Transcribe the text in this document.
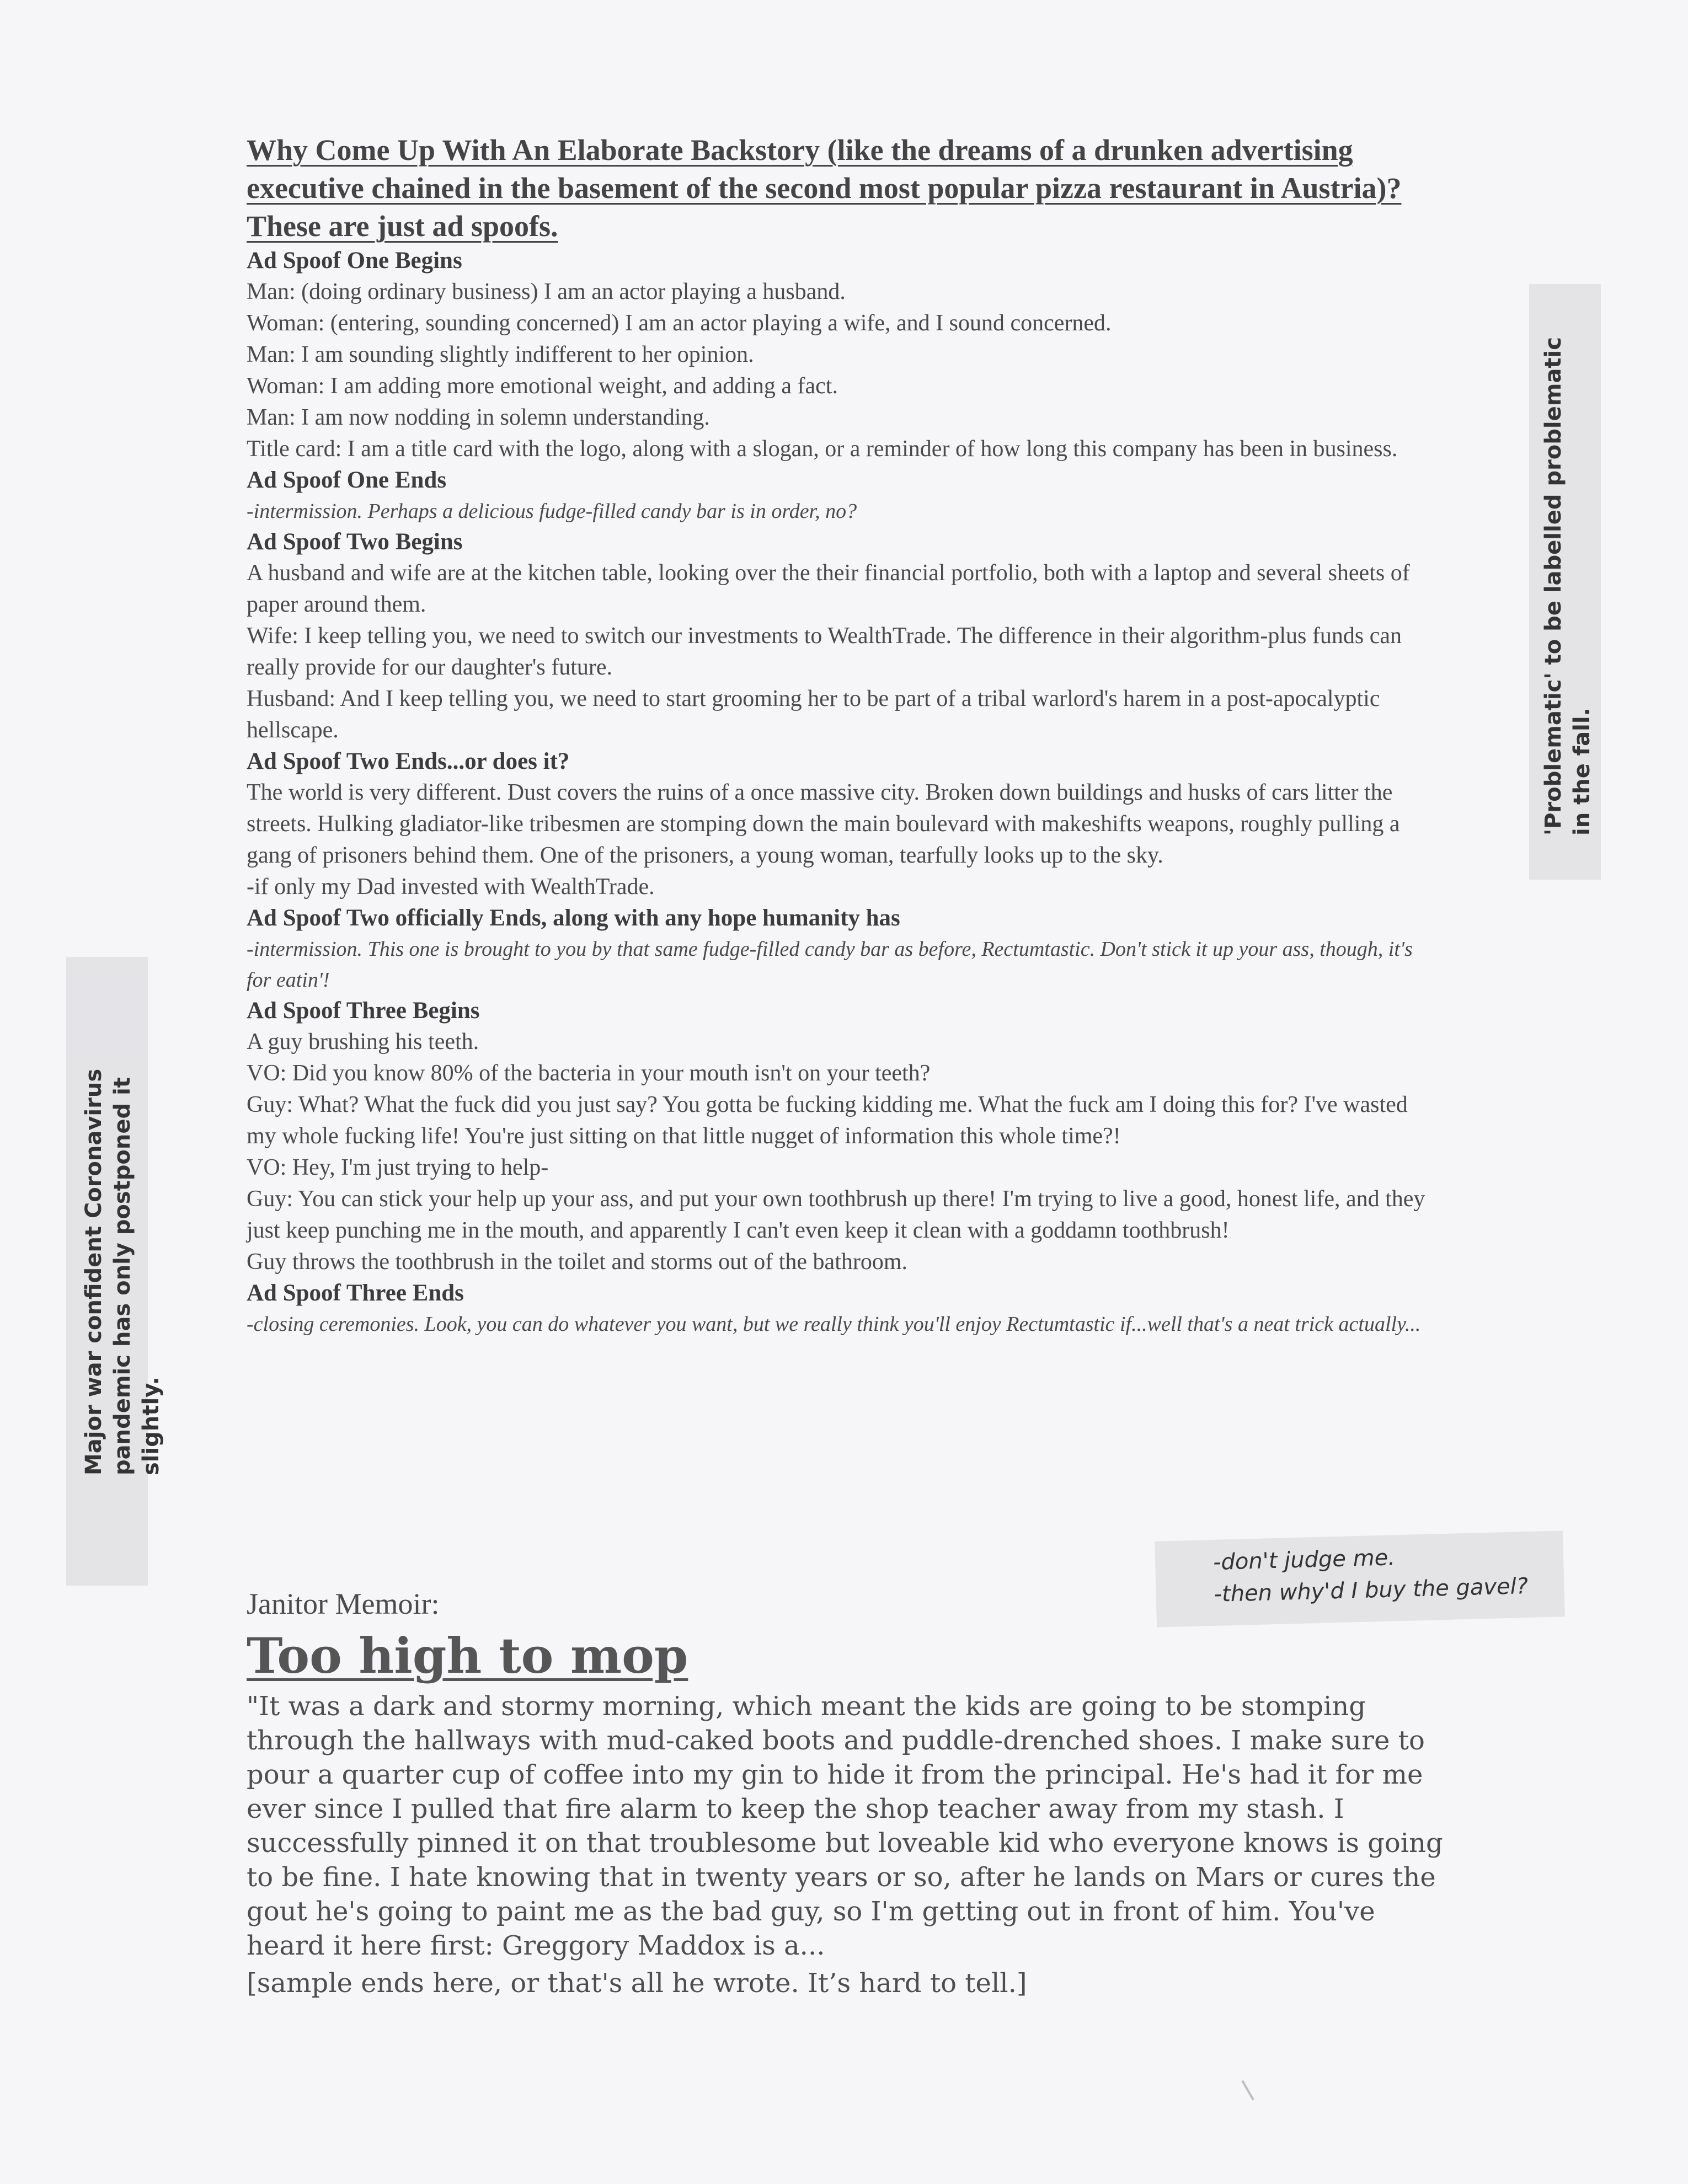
Why Come Up With An Elaborate Backstory (like the dreams of a drunken advertising executive chained in the basement of the second most popular pizza restaurant in Austria)? These are just ad spoofs.
Ad Spoof One Begins
Man: (doing ordinary business) I am an actor playing a husband.
Woman: (entering, sounding concerned) I am an actor playing a wife, and I sound concerned.
Man: I am sounding slightly indifferent to her opinion.
Woman: I am adding more emotional weight, and adding a fact.
Man: I am now nodding in solemn understanding.
Title card: I am a title card with the logo, along with a slogan, or a reminder of how long this company has been in business.
Ad Spoof One Ends
-intermission. Perhaps a delicious fudge-filled candy bar is in order, no?
Ad Spoof Two Begins
A husband and wife are at the kitchen table, looking over the their financial portfolio, both with a laptop and several sheets of paper around them.
Wife: I keep telling you, we need to switch our investments to WealthTrade. The difference in their algorithm-plus funds can really provide for our daughter's future.
Husband: And I keep telling you, we need to start grooming her to be part of a tribal warlord's harem in a post-apocalyptic hellscape.
Ad Spoof Two Ends...or does it?
The world is very different. Dust covers the ruins of a once massive city. Broken down buildings and husks of cars litter the streets. Hulking gladiator-like tribesmen are stomping down the main boulevard with makeshifts weapons, roughly pulling a gang of prisoners behind them. One of the prisoners, a young woman, tearfully looks up to the sky.
-if only my Dad invested with WealthTrade.
Ad Spoof Two officially Ends, along with any hope humanity has
-intermission. This one is brought to you by that same fudge-filled candy bar as before, Rectumtastic. Don't stick it up your ass, though, it's for eatin'!
Ad Spoof Three Begins
A guy brushing his teeth.
VO: Did you know 80% of the bacteria in your mouth isn't on your teeth?
Guy: What? What the fuck did you just say? You gotta be fucking kidding me. What the fuck am I doing this for? I've wasted my whole fucking life! You're just sitting on that little nugget of information this whole time?!
VO: Hey, I'm just trying to help-
Guy: You can stick your help up your ass, and put your own toothbrush up there! I'm trying to live a good, honest life, and they just keep punching me in the mouth, and apparently I can't even keep it clean with a goddamn toothbrush!
Guy throws the toothbrush in the toilet and storms out of the bathroom.
Ad Spoof Three Ends
-closing ceremonies. Look, you can do whatever you want, but we really think you'll enjoy Rectumtastic if...well that's a neat trick actually...
Janitor Memoir:
Too high to mop
"It was a dark and stormy morning, which meant the kids are going to be stomping through the hallways with mud-caked boots and puddle-drenched shoes. I make sure to pour a quarter cup of coffee into my gin to hide it from the principal. He's had it for me ever since I pulled that fire alarm to keep the shop teacher away from my stash. I successfully pinned it on that troublesome but loveable kid who everyone knows is going to be fine. I hate knowing that in twenty years or so, after he lands on Mars or cures the gout he's going to paint me as the bad guy, so I'm getting out in front of him. You've heard it here first: Greggory Maddox is a...
[sample ends here, or that's all he wrote. It’s hard to tell.]
'Problematic' to be labelled problematic in the fall.
Major war confident Coronavirus pandemic has only postponed it slightly.
-don't judge me.
-then why'd I buy the gavel?
